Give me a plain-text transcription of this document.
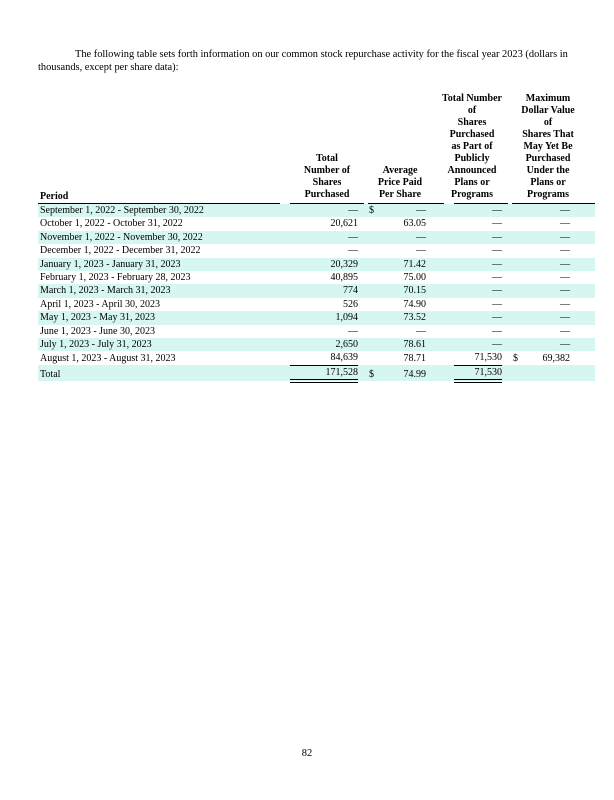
The following table sets forth information on our common stock repurchase activity for the fiscal year 2023 (dollars in
thousands, except per share data):
Total
Number of
Shares
Purchased
Average
Price Paid
Per Share
Total Number
of
Shares
Purchased
as Part of
Publicly
Announced
Plans or
Programs
Maximum
Dollar Value
of
Shares That
May Yet Be
Purchased
Under the
Plans or
Programs
Period																

September 1, 2022 - September 30, 2022			—			$	—				—				—	
October 1, 2022 - October 31, 2022			20,621				63.05				—				—	
November 1, 2022 - November 30, 2022			—				—				—				—	
December 1, 2022 - December 31, 2022			—				—				—				—	
January 1, 2023 - January 31, 2023			20,329				71.42				—				—	
February 1, 2023 - February 28, 2023			40,895				75.00				—				—	
March 1, 2023 - March 31, 2023			774				70.15				—				—	
April 1, 2023 - April 30, 2023			526				74.90				—				—	
May 1, 2023 - May 31, 2023			1,094				73.52				—				—	
June 1, 2023 - June 30, 2023			—				—				—				—	
July 1, 2023 - July 31, 2023			2,650				78.61				—				—	
August 1, 2023 - August 31, 2023			84,639				78.71				71,530			$	69,382	
Total			171,528			$	74.99				71,530					
82
